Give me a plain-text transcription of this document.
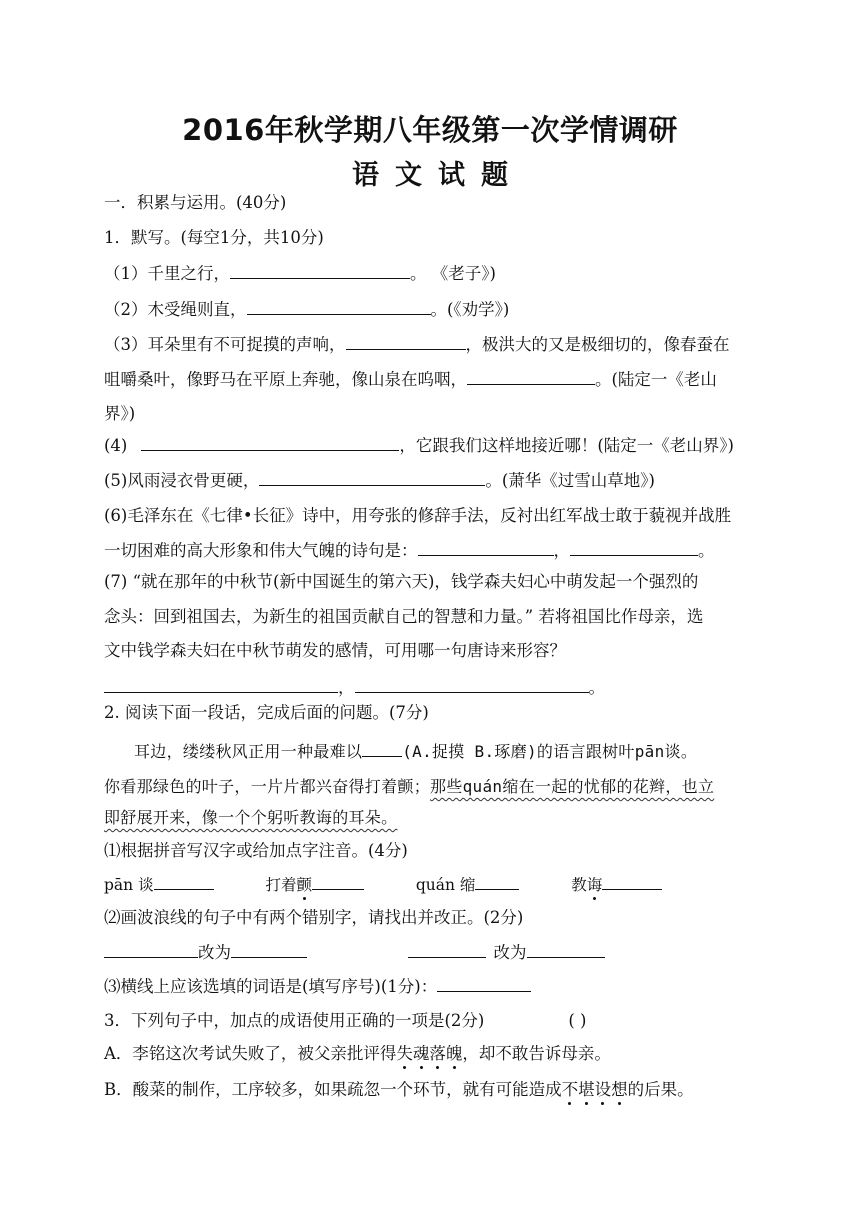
2016年秋学期八年级第一次学情调研
语文试题
一．积累与运用。(40分)
1．默写。(每空1分，共10分)
（1）千里之行，	。 《老子》)
（2）木受绳则直，	。(《劝学》)
（3）耳朵里有不可捉摸的声响，	，极洪大的又是极细切的，像春蚕在
咀嚼桑叶，像野马在平原上奔驰，像山泉在呜咽，	。(陆定一《老山
界》)
(4)	，它跟我们这样地接近哪！(陆定一《老山界》)
(5)风雨浸衣骨更硬，	。(萧华《过雪山草地》)
(6)毛泽东在《七律•长征》诗中，用夸张的修辞手法，反衬出红军战士敢于藐视并战胜
一切困难的高大形象和伟大气魄的诗句是：	，	。
(7) “就在那年的中秋节(新中国诞生的第六天)，钱学森夫妇心中萌发起一个强烈的
念头：回到祖国去，为新生的祖国贡献自己的智慧和力量。” 若将祖国比作母亲，选
文中钱学森夫妇在中秋节萌发的感情，可用哪一句唐诗来形容？
，	。
2. 阅读下面一段话，完成后面的问题。(7分)
耳边，缕缕秋风正用一种最难以	(A.捉摸 B.琢磨)的语言跟树叶pān谈。
你看那绿色的叶子，一片片都兴奋得打着颤；那些quán缩在一起的忧郁的花辫，也立
即舒展开来，像一个个躬听教诲的耳朵。
⑴根据拼音写汉字或给加点字注音。(4分)
pān 谈	打着颤	quán 缩	教诲
⑵画波浪线的句子中有两个错别字，请找出并改正。(2分)
改为	改为
⑶横线上应该选填的词语是(填写序号)(1分)：
3．下列句子中，加点的成语使用正确的一项是(2分)	( )
A．李铭这次考试失败了，被父亲批评得失魂落魄，却不敢告诉母亲。
B．酸菜的制作，工序较多，如果疏忽一个环节，就有可能造成不堪设想的后果。
